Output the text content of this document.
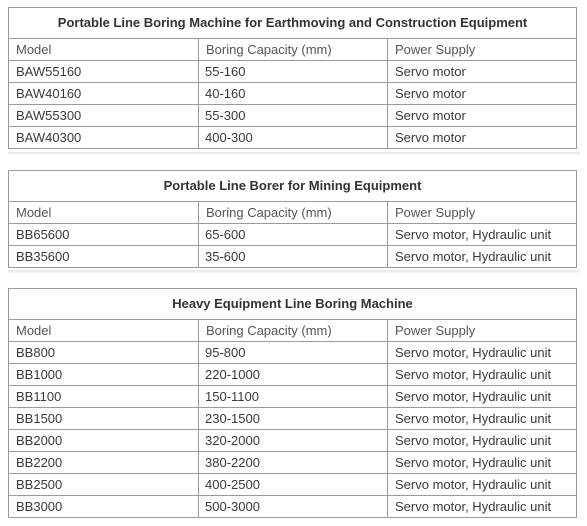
Portable Line Boring Machine for Earthmoving and Construction Equipment		
Model	Boring Capacity (mm)	Power Supply
BAW55160	55-160	Servo motor
BAW40160	40-160	Servo motor
BAW55300	55-300	Servo motor
BAW40300	400-300	Servo motor
Portable Line Borer for Mining Equipment		
Model	Boring Capacity (mm)	Power Supply
BB65600	65-600	Servo motor, Hydraulic unit
BB35600	35-600	Servo motor, Hydraulic unit
Heavy Equipment Line Boring Machine		
Model	Boring Capacity (mm)	Power Supply
BB800	95-800	Servo motor, Hydraulic unit
BB1000	220-1000	Servo motor, Hydraulic unit
BB1100	150-1100	Servo motor, Hydraulic unit
BB1500	230-1500	Servo motor, Hydraulic unit
BB2000	320-2000	Servo motor, Hydraulic unit
BB2200	380-2200	Servo motor, Hydraulic unit
BB2500	400-2500	Servo motor, Hydraulic unit
BB3000	500-3000	Servo motor, Hydraulic unit
